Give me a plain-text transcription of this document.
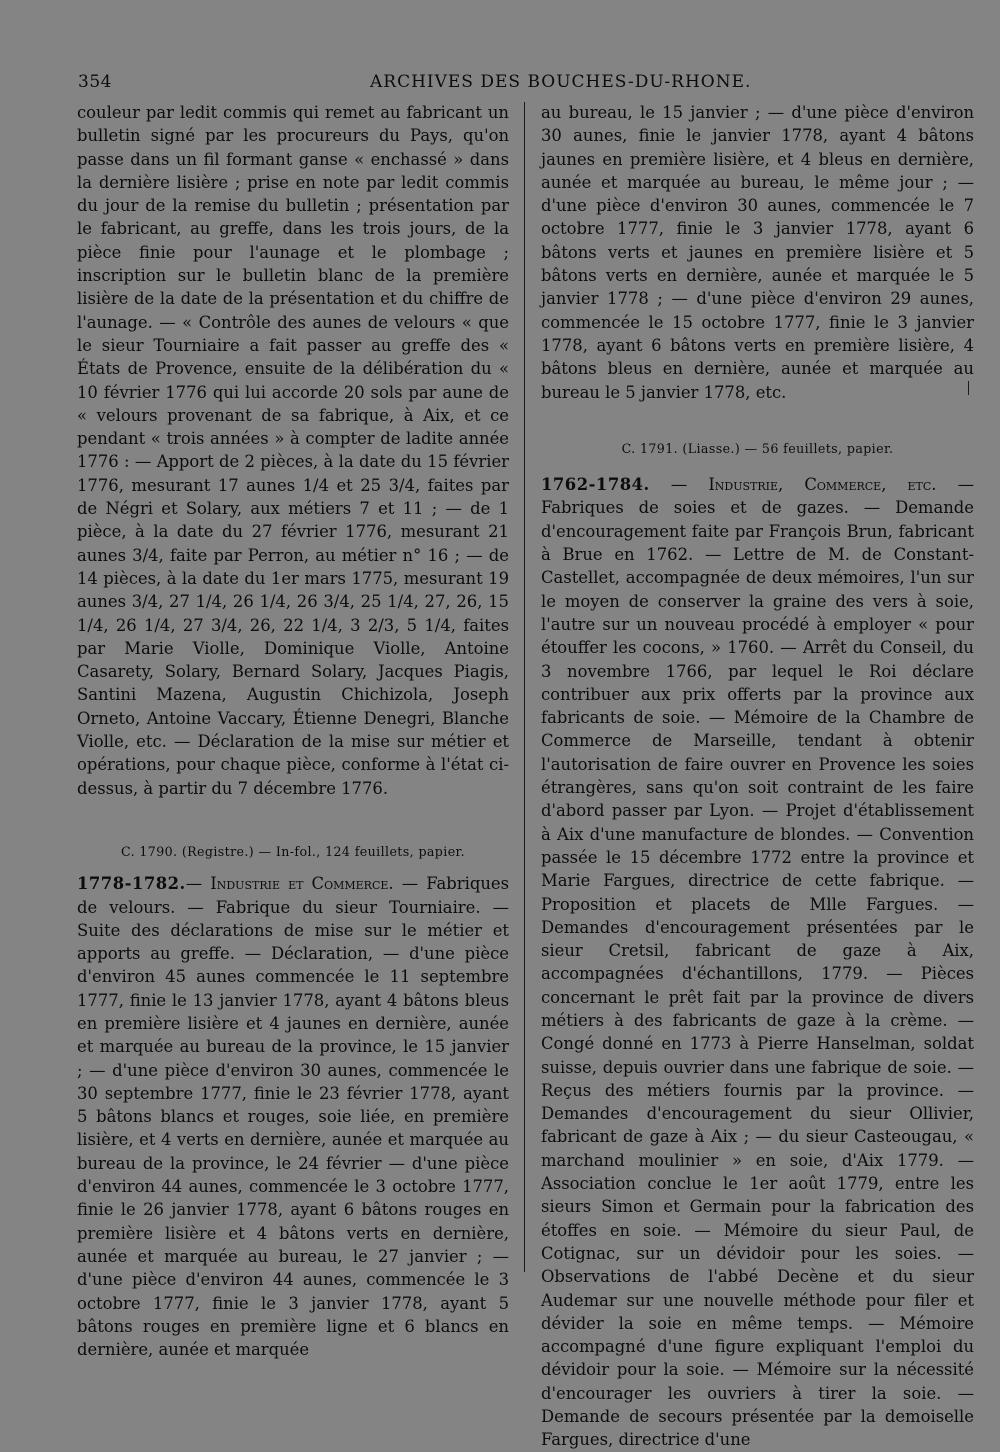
354	ARCHIVES DES BOUCHES-DU-RHONE.

couleur par ledit commis qui remet au fabricant un bulletin signé par les procureurs du Pays, qu'on passe dans un fil formant ganse « enchassé » dans la dernière lisière ; prise en note par ledit commis du jour de la remise du bulletin ; présentation par le fabricant, au greffe, dans les trois jours, de la pièce finie pour l'aunage et le plombage ; inscription sur le bulletin blanc de la première lisière de la date de la présentation et du chiffre de l'aunage. — « Contrôle des aunes de velours « que le sieur Tourniaire a fait passer au greffe des « États de Provence, ensuite de la délibération du « 10 février 1776 qui lui accorde 20 sols par aune de « velours provenant de sa fabrique, à Aix, et ce pendant « trois années » à compter de ladite année 1776 : — Apport de 2 pièces, à la date du 15 février 1776, mesurant 17 aunes 1/4 et 25 3/4, faites par de Négri et Solary, aux métiers 7 et 11 ; — de 1 pièce, à la date du 27 février 1776, mesurant 21 aunes 3/4, faite par Perron, au métier n° 16 ; — de 14 pièces, à la date du 1er mars 1775, mesurant 19 aunes 3/4, 27 1/4, 26 1/4, 26 3/4, 25 1/4, 27, 26, 15 1/4, 26 1/4, 27 3/4, 26, 22 1/4, 3 2/3, 5 1/4, faites par Marie Violle, Dominique Violle, Antoine Casarety, Solary, Bernard Solary, Jacques Piagis, Santini Mazena, Augustin Chichizola, Joseph Orneto, Antoine Vaccary, Étienne Denegri, Blanche Violle, etc. — Déclaration de la mise sur métier et opérations, pour chaque pièce, conforme à l'état ci-dessus, à partir du 7 décembre 1776.

C. 1790. (Registre.) — In-fol., 124 feuillets, papier.

1778-1782.— Industrie et Commerce. — Fabriques de velours. — Fabrique du sieur Tourniaire. — Suite des déclarations de mise sur le métier et apports au greffe. — Déclaration, — d'une pièce d'environ 45 aunes commencée le 11 septembre 1777, finie le 13 janvier 1778, ayant 4 bâtons bleus en première lisière et 4 jaunes en dernière, aunée et marquée au bureau de la province, le 15 janvier ; — d'une pièce d'environ 30 aunes, commencée le 30 septembre 1777, finie le 23 février 1778, ayant 5 bâtons blancs et rouges, soie liée, en première lisière, et 4 verts en dernière, aunée et marquée au bureau de la province, le 24 février — d'une pièce d'environ 44 aunes, commencée le 3 octobre 1777, finie le 26 janvier 1778, ayant 6 bâtons rouges en première lisière et 4 bâtons verts en dernière, aunée et marquée au bureau, le 27 janvier ; — d'une pièce d'environ 44 aunes, commencée le 3 octobre 1777, finie le 3 janvier 1778, ayant 5 bâtons rouges en première ligne et 6 blancs en dernière, aunée et marquée

au bureau, le 15 janvier ; — d'une pièce d'environ 30 aunes, finie le janvier 1778, ayant 4 bâtons jaunes en première lisière, et 4 bleus en dernière, aunée et marquée au bureau, le même jour ; — d'une pièce d'environ 30 aunes, commencée le 7 octobre 1777, finie le 3 janvier 1778, ayant 6 bâtons verts et jaunes en première lisière et 5 bâtons verts en dernière, aunée et marquée le 5 janvier 1778 ; — d'une pièce d'environ 29 aunes, commencée le 15 octobre 1777, finie le 3 janvier 1778, ayant 6 bâtons verts en première lisière, 4 bâtons bleus en dernière, aunée et marquée au bureau le 5 janvier 1778, etc.

C. 1791. (Liasse.) — 56 feuillets, papier.

1762-1784. — Industrie, Commerce, etc. — Fabriques de soies et de gazes. — Demande d'encouragement faite par François Brun, fabricant à Brue en 1762. — Lettre de M. de Constant-Castellet, accompagnée de deux mémoires, l'un sur le moyen de conserver la graine des vers à soie, l'autre sur un nouveau procédé à employer « pour étouffer les cocons, » 1760. — Arrêt du Conseil, du 3 novembre 1766, par lequel le Roi déclare contribuer aux prix offerts par la province aux fabricants de soie. — Mémoire de la Chambre de Commerce de Marseille, tendant à obtenir l'autorisation de faire ouvrer en Provence les soies étrangères, sans qu'on soit contraint de les faire d'abord passer par Lyon. — Projet d'établissement à Aix d'une manufacture de blondes. — Convention passée le 15 décembre 1772 entre la province et Marie Fargues, directrice de cette fabrique. — Proposition et placets de Mlle Fargues. — Demandes d'encouragement présentées par le sieur Cretsil, fabricant de gaze à Aix, accompagnées d'échantillons, 1779. — Pièces concernant le prêt fait par la province de divers métiers à des fabricants de gaze à la crème. — Congé donné en 1773 à Pierre Hanselman, soldat suisse, depuis ouvrier dans une fabrique de soie. — Reçus des métiers fournis par la province. — Demandes d'encouragement du sieur Ollivier, fabricant de gaze à Aix ; — du sieur Casteougau, « marchand moulinier » en soie, d'Aix 1779. — Association conclue le 1er août 1779, entre les sieurs Simon et Germain pour la fabrication des étoffes en soie. — Mémoire du sieur Paul, de Cotignac, sur un dévidoir pour les soies. — Observations de l'abbé Decène et du sieur Audemar sur une nouvelle méthode pour filer et dévider la soie en même temps. — Mémoire accompagné d'une figure expliquant l'emploi du dévidoir pour la soie. — Mémoire sur la nécessité d'encourager les ouvriers à tirer la soie. — Demande de secours présentée par la demoiselle Fargues, directrice d'une
